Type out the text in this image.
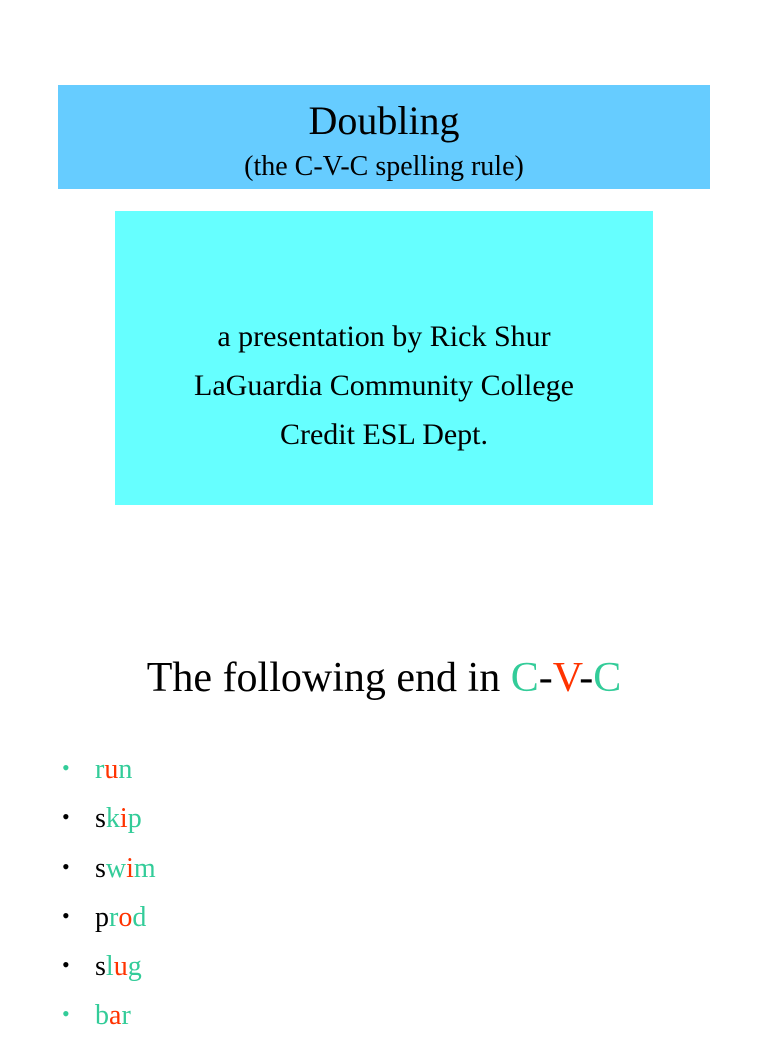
Doubling
(the C-V-C spelling rule)
a presentation by Rick Shur
LaGuardia Community College
Credit ESL Dept.
The following end in C-V-C
• run
• skip
• swim
• prod
• slug
• bar
